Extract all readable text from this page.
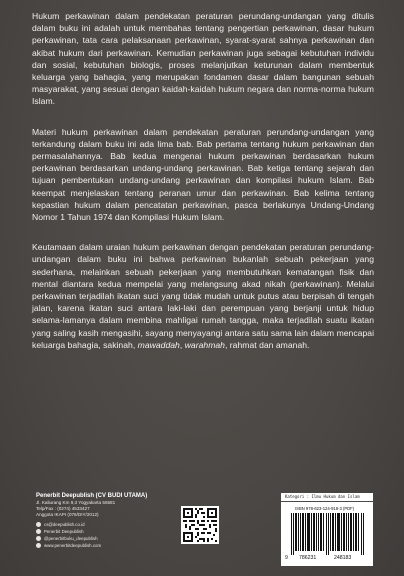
Hukum perkawinan dalam pendekatan peraturan perundang-undangan yang ditulis dalam buku ini adalah untuk membahas tentang pengertian perkawinan, dasar hukum perkawinan, tata cara pelaksanaan perkawinan, syarat-syarat sahnya perkawinan dan akibat hukum dari perkawinan. Kemudian perkawinan juga sebagai kebutuhan individu dan sosial, kebutuhan biologis, proses melanjutkan keturunan dalam membentuk keluarga yang bahagia, yang merupakan fondamen dasar dalam bangunan sebuah masyarakat, yang sesuai dengan kaidah-kaidah hukum negara dan norma-norma hukum Islam.

Materi hukum perkawinan dalam pendekatan peraturan perundang-undangan yang terkandung dalam buku ini ada lima bab. Bab pertama tentang hukum perkawinan dan permasalahannya. Bab kedua mengenai hukum perkawinan berdasarkan hukum perkawinan berdasarkan undang-undang perkawinan. Bab ketiga tentang sejarah dan tujuan pembentukan undang-undang perkawinan dan kompilasi hukum Islam. Bab keempat menjelaskan tentang peranan umur dan perkawinan. Bab kelima tentang kepastian hukum dalam pencatatan perkawinan, pasca berlakunya Undang-Undang Nomor 1 Tahun 1974 dan Kompilasi Hukum Islam.

Keutamaan dalam uraian hukum perkawinan dengan pendekatan peraturan perundang-undangan dalam buku ini bahwa perkawinan bukanlah sebuah pekerjaan yang sederhana, melainkan sebuah pekerjaan yang membutuhkan kematangan fisik dan mental diantara kedua mempelai yang melangsung akad nikah (perkawinan). Melalui perkawinan terjadilah ikatan suci yang tidak mudah untuk putus atau berpisah di tengah jalan, karena ikatan suci antara laki-laki dan perempuan yang berjanji untuk hidup selama-lamanya dalam membina mahligai rumah tangga, maka terjadilah suatu ikatan yang saling kasih mengasihi, sayang menyayangi antara satu sama lain dalam mencapai keluarga bahagia, sakinah, mawaddah, warahmah, rahmat dan amanah.

Penerbit Deepublish (CV BUDI UTAMA)
Jl. Kaliurang Km 9,3 Yogyakarta 55581
Telp/Fax : (0274) 4533427
Anggota IKAPI (076/DIY/2012)
cs@deepublish.co.id
Penerbit Deepublish
@penerbitbuku_deepublish
www.penerbitdeepublish.com
Kategori : Ilmu Hukum dan Islam
ISBN 978-623-124-918-3 (PDF)
9 786231	248183
